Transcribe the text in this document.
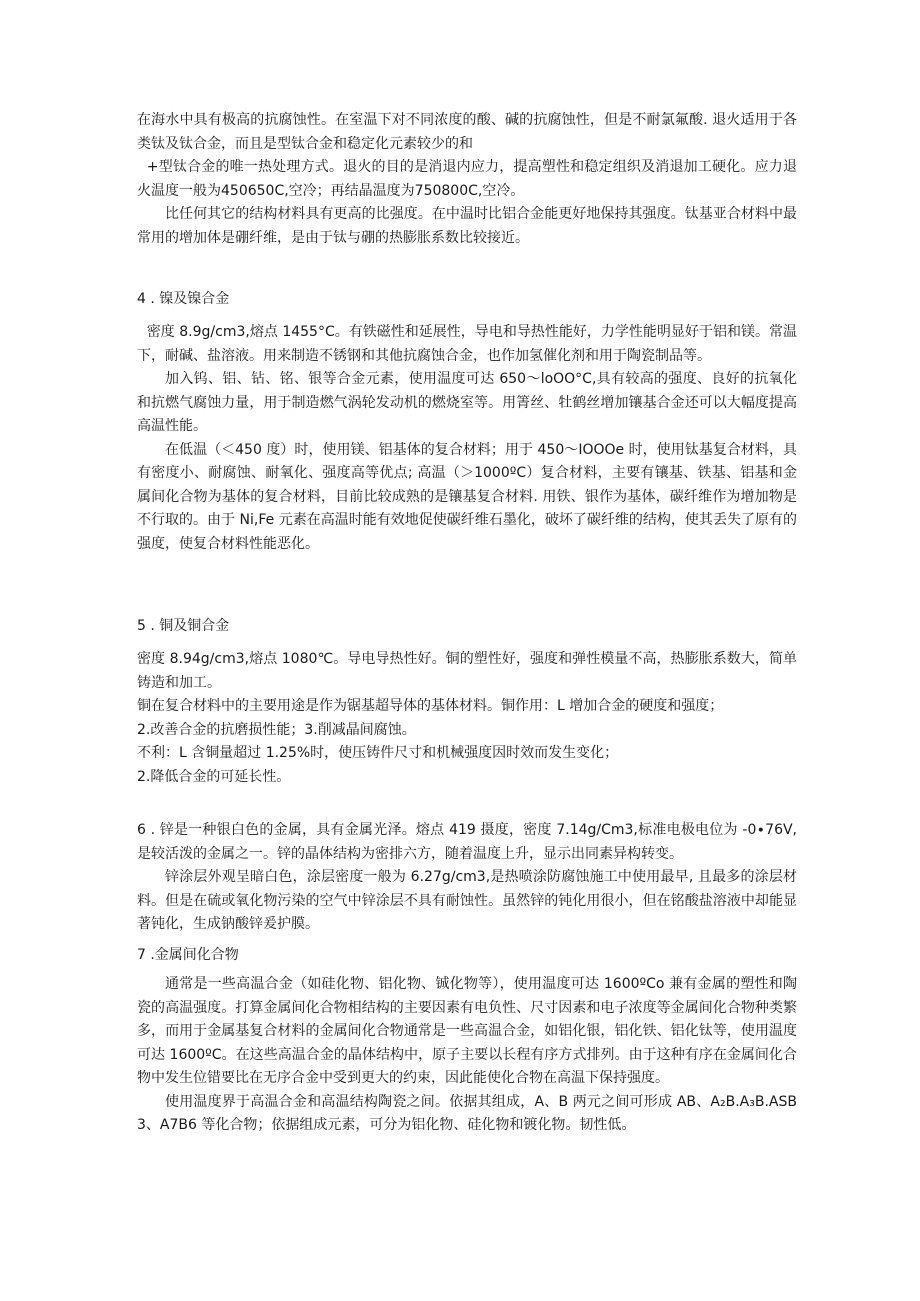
在海水中具有极高的抗腐蚀性。在室温下对不同浓度的酸、碱的抗腐蚀性，但是不耐氯氟酸. 退火适用于各类钛及钛合金，而且是型钛合金和稳定化元素较少的和

+型钛合金的唯一热处理方式。退火的目的是消退内应力，提高塑性和稳定组织及消退加工硬化。应力退火温度一般为450650C,空冷；再结晶温度为750800C,空冷。

比任何其它的结构材料具有更高的比强度。在中温时比铝合金能更好地保持其强度。钛基亚合材料中最常用的增加体是硼纤维，是由于钛与硼的热膨胀系数比较接近。

4 . 镍及镍合金

密度 8.9g/cm3,熔点 1455°C。有铁磁性和延展性，导电和导热性能好，力学性能明显好于铝和镁。常温下，耐碱、盐溶液。用来制造不锈钢和其他抗腐蚀合金，也作加氢催化剂和用于陶瓷制品等。

加入钨、铝、钻、铭、银等合金元素，使用温度可达 650～loOO°C,具有较高的强度、良好的抗氧化和抗燃气腐蚀力量，用于制造燃气涡轮发动机的燃烧室等。用箐丝、牡鹤丝增加镶基合金还可以大幅度提高高温性能。

在低温（＜450 度）时，使用镁、铝基体的复合材料；用于 450～IOOOe 时，使用钛基复合材料，具有密度小、耐腐蚀、耐氧化、强度高等优点; 高温（＞1000ºC）复合材料，主要有镶基、铁基、铝基和金属间化合物为基体的复合材料，目前比较成熟的是镶基复合材料. 用铁、银作为基体，碳纤维作为增加物是不行取的。由于 Ni,Fe 元素在高温时能有效地促使碳纤维石墨化，破坏了碳纤维的结构，使其丢失了原有的强度，使复合材料性能恶化。

5 . 铜及铜合金

密度 8.94g∕cm3,熔点 1080℃。导电导热性好。铜的塑性好，强度和弹性模量不高，热膨胀系数大，简单铸造和加工。

铜在复合材料中的主要用途是作为锯基超导体的基体材料。铜作用：L 增加合金的硬度和强度；

2.改善合金的抗磨损性能；3.削减晶间腐蚀。

不利：L 含铜量超过 1.25%时，使压铸件尺寸和机械强度因时效而发生变化；

2.降低合金的可延长性。

6 . 锌是一种银白色的金属，具有金属光泽。熔点 419 摄度，密度 7.14g∕Cm3,标准电极电位为 -0∙76V,是较活泼的金属之一。锌的晶体结构为密排六方，随着温度上升，显示出同素异构转变。

锌涂层外观呈暗白色，涂层密度一般为 6.27g∕cm3,是热喷涂防腐蚀施工中使用最早, 且最多的涂层材料。但是在硫或氧化物污染的空气中锌涂层不具有耐蚀性。虽然锌的钝化用很小，但在铭酸盐溶液中却能显著钝化，生成钠酸锌爰护膜。

7 .金属间化合物

通常是一些高温合金（如硅化物、铝化物、铖化物等），使用温度可达 1600ºCo 兼有金属的塑性和陶瓷的高温强度。打算金属间化合物相结构的主要因素有电负性、尺寸因素和电子浓度等金属间化合物种类繁多，而用于金属基复合材料的金属间化合物通常是一些高温合金，如铝化银，铝化铁、铝化钛等，使用温度可达 1600ºC。在这些高温合金的晶体结构中，原子主要以长程有序方式排列。由于这种有序在金属间化合物中发生位错要比在无序合金中受到更大的约束，因此能使化合物在高温下保持强度。

使用温度界于高温合金和高温结构陶瓷之间。依据其组成，A、B 两元之间可形成 AB、A₂B.A₃B.ASB3、A7B6 等化合物；依据组成元素，可分为铝化物、硅化物和镀化物。韧性低。
